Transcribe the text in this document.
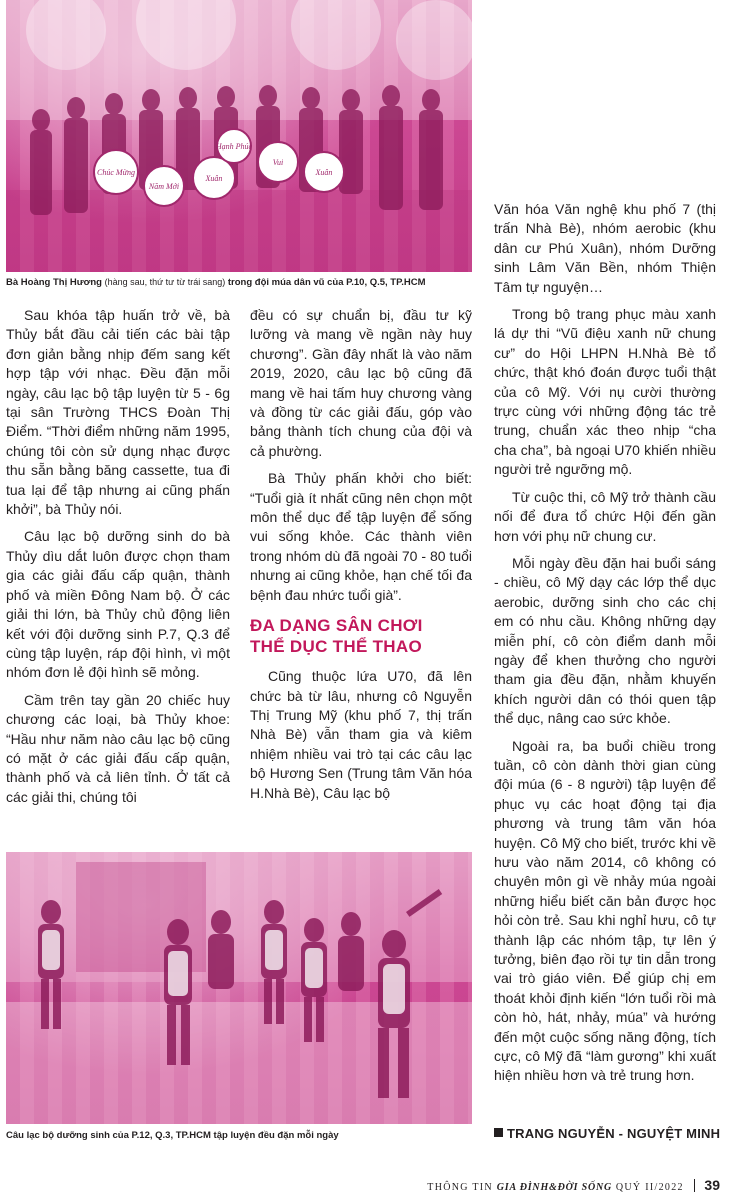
Chúc Mừng
Năm Mới
Xuân
Hạnh Phúc
Vui
Xuân
Bà Hoàng Thị Hương (hàng sau, thứ tư từ trái sang) trong đội múa dân vũ của P.10, Q.5, TP.HCM

Sau khóa tập huấn trở về, bà Thủy bắt đầu cải tiến các bài tập đơn giản bằng nhịp đếm sang kết hợp tập với nhạc. Đều đặn mỗi ngày, câu lạc bộ tập luyện từ 5 - 6g tại sân Trường THCS Đoàn Thị Điểm. “Thời điểm những năm 1995, chúng tôi còn sử dụng nhạc được thu sẵn bằng băng cassette, tua đi tua lại để tập nhưng ai cũng phấn khởi”, bà Thủy nói.

Câu lạc bộ dưỡng sinh do bà Thủy dìu dắt luôn được chọn tham gia các giải đấu cấp quận, thành phố và miền Đông Nam bộ. Ở các giải thi lớn, bà Thủy chủ động liên kết với đội dưỡng sinh P.7, Q.3 để cùng tập luyện, ráp đội hình, vì một nhóm đơn lẻ đội hình sẽ mỏng.

Cầm trên tay gần 20 chiếc huy chương các loại, bà Thủy khoe: “Hầu như năm nào câu lạc bộ cũng có mặt ở các giải đấu cấp quận, thành phố và cả liên tỉnh. Ở tất cả các giải thi, chúng tôi

đều có sự chuẩn bị, đầu tư kỹ lưỡng và mang về ngần này huy chương”. Gần đây nhất là vào năm 2019, 2020, câu lạc bộ cũng đã mang về hai tấm huy chương vàng và đồng từ các giải đấu, góp vào bảng thành tích chung của đội và cả phường.

Bà Thủy phấn khởi cho biết: “Tuổi già ít nhất cũng nên chọn một môn thể dục để tập luyện để sống vui sống khỏe. Các thành viên trong nhóm dù đã ngoài 70 - 80 tuổi nhưng ai cũng khỏe, hạn chế tối đa bệnh đau nhức tuổi già”.

ĐA DẠNG SÂN CHƠI
THỂ DỤC THỂ THAO

Cũng thuộc lứa U70, đã lên chức bà từ lâu, nhưng cô Nguyễn Thị Trung Mỹ (khu phố 7, thị trấn Nhà Bè) vẫn tham gia và kiêm nhiệm nhiều vai trò tại các câu lạc bộ Hương Sen (Trung tâm Văn hóa H.Nhà Bè), Câu lạc bộ

Văn hóa Văn nghệ khu phố 7 (thị trấn Nhà Bè), nhóm aerobic (khu dân cư Phú Xuân), nhóm Dưỡng sinh Lâm Văn Bền, nhóm Thiện Tâm tự nguyện…

Trong bộ trang phục màu xanh lá dự thi “Vũ điệu xanh nữ chung cư” do Hội LHPN H.Nhà Bè tổ chức, thật khó đoán được tuổi thật của cô Mỹ. Với nụ cười thường trực cùng với những động tác trẻ trung, chuẩn xác theo nhịp “cha cha cha”, bà ngoại U70 khiến nhiều người trẻ ngưỡng mộ.

Từ cuộc thi, cô Mỹ trở thành cầu nối để đưa tổ chức Hội đến gần hơn với phụ nữ chung cư.

Mỗi ngày đều đặn hai buổi sáng - chiều, cô Mỹ dạy các lớp thể dục aerobic, dưỡng sinh cho các chị em có nhu cầu. Không những dạy miễn phí, cô còn điểm danh mỗi ngày để khen thưởng cho người tham gia đều đặn, nhằm khuyến khích người dân có thói quen tập thể dục, nâng cao sức khỏe.

Ngoài ra, ba buổi chiều trong tuần, cô còn dành thời gian cùng đội múa (6 - 8 người) tập luyện để phục vụ các hoạt động tại địa phương và trung tâm văn hóa huyện. Cô Mỹ cho biết, trước khi về hưu vào năm 2014, cô không có chuyên môn gì về nhảy múa ngoài những hiểu biết căn bản được học hỏi còn trẻ. Sau khi nghỉ hưu, cô tự thành lập các nhóm tập, tự lên ý tưởng, biên đạo rồi tự tin dẫn trong vai trò giáo viên. Để giúp chị em thoát khỏi định kiến “lớn tuổi rồi mà còn hò, hát, nhảy, múa” và hướng đến một cuộc sống năng động, tích cực, cô Mỹ đã “làm gương” khi xuất hiện nhiều hơn và trẻ trung hơn.

Câu lạc bộ dưỡng sinh của P.12, Q.3, TP.HCM tập luyện đều đặn mỗi ngày	TRANG NGUYỄN - NGUYỆT MINH
THÔNG TIN GIA ĐÌNH&ĐỜI SỐNG QUÝ II/2022 39
